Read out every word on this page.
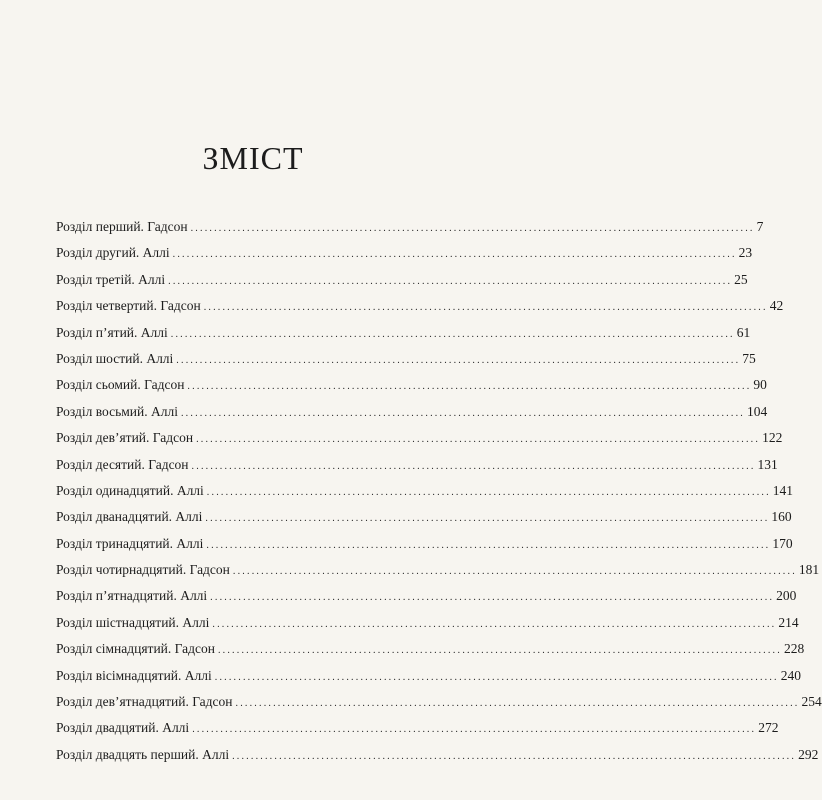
ЗМІСТ
Розділ перший. Гадсон ........................................................................................................................ 7
Розділ другий. Аллі ........................................................................................................................ 23
Розділ третій. Аллі ........................................................................................................................ 25
Розділ четвертий. Гадсон ........................................................................................................................ 42
Розділ п’ятий. Аллі ........................................................................................................................ 61
Розділ шостий. Аллі ........................................................................................................................ 75
Розділ сьомий. Гадсон ........................................................................................................................ 90
Розділ восьмий. Аллі ........................................................................................................................ 104
Розділ дев’ятий. Гадсон ........................................................................................................................ 122
Розділ десятий. Гадсон ........................................................................................................................ 131
Розділ одинадцятий. Аллі ........................................................................................................................ 141
Розділ дванадцятий. Аллі ........................................................................................................................ 160
Розділ тринадцятий. Аллі ........................................................................................................................ 170
Розділ чотирнадцятий. Гадсон ........................................................................................................................ 181
Розділ п’ятнадцятий. Аллі ........................................................................................................................ 200
Розділ шістнадцятий. Аллі ........................................................................................................................ 214
Розділ сімнадцятий. Гадсон ........................................................................................................................ 228
Розділ вісімнадцятий. Аллі ........................................................................................................................ 240
Розділ дев’ятнадцятий. Гадсон ........................................................................................................................ 254
Розділ двадцятий. Аллі ........................................................................................................................ 272
Розділ двадцять перший. Аллі ........................................................................................................................ 292
